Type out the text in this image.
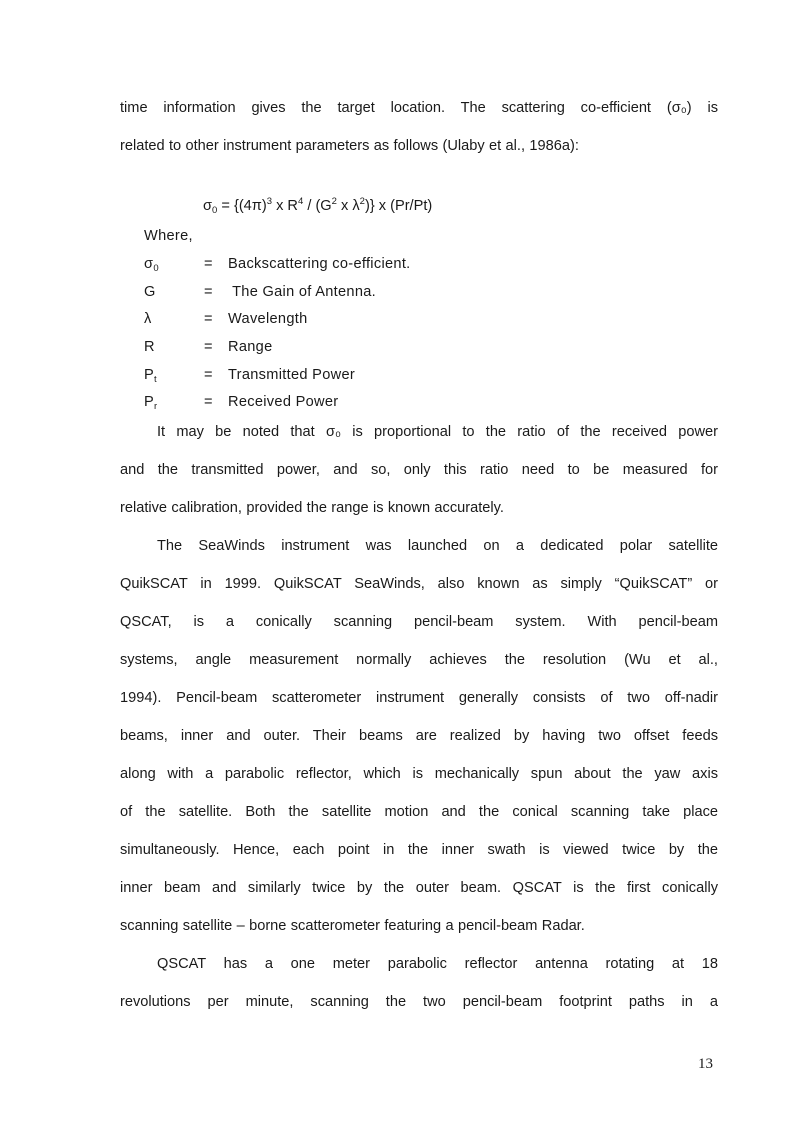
time information gives the target location. The scattering co-efficient (σ₀) is
related to other instrument parameters as follows (Ulaby et al., 1986a):
$\sigma_0 = \{(4\pi)^3$ x $R^4 / (G^2$ x $\lambda^2$)} x (Pr/Pt)
Where,
$\sigma_0$	= Backscattering co-efficient.
G	= The Gain of Antenna.
λ	= Wavelength
R	= Range
$P_t$	= Transmitted Power
$P_r$	= Received Power
It may be noted that σ₀ is proportional to the ratio of the received power
and the transmitted power, and so, only this ratio need to be measured for
relative calibration, provided the range is known accurately.
The SeaWinds instrument was launched on a dedicated polar satellite
QuikSCAT in 1999. QuikSCAT SeaWinds, also known as simply “QuikSCAT” or
QSCAT, is a conically scanning pencil-beam system. With pencil-beam
systems, angle measurement normally achieves the resolution (Wu et al.,
1994). Pencil-beam scatterometer instrument generally consists of two off-nadir
beams, inner and outer. Their beams are realized by having two offset feeds
along with a parabolic reflector, which is mechanically spun about the yaw axis
of the satellite. Both the satellite motion and the conical scanning take place
simultaneously. Hence, each point in the inner swath is viewed twice by the
inner beam and similarly twice by the outer beam. QSCAT is the first conically
scanning satellite – borne scatterometer featuring a pencil-beam Radar.
QSCAT has a one meter parabolic reflector antenna rotating at 18
revolutions per minute, scanning the two pencil-beam footprint paths in a
13
